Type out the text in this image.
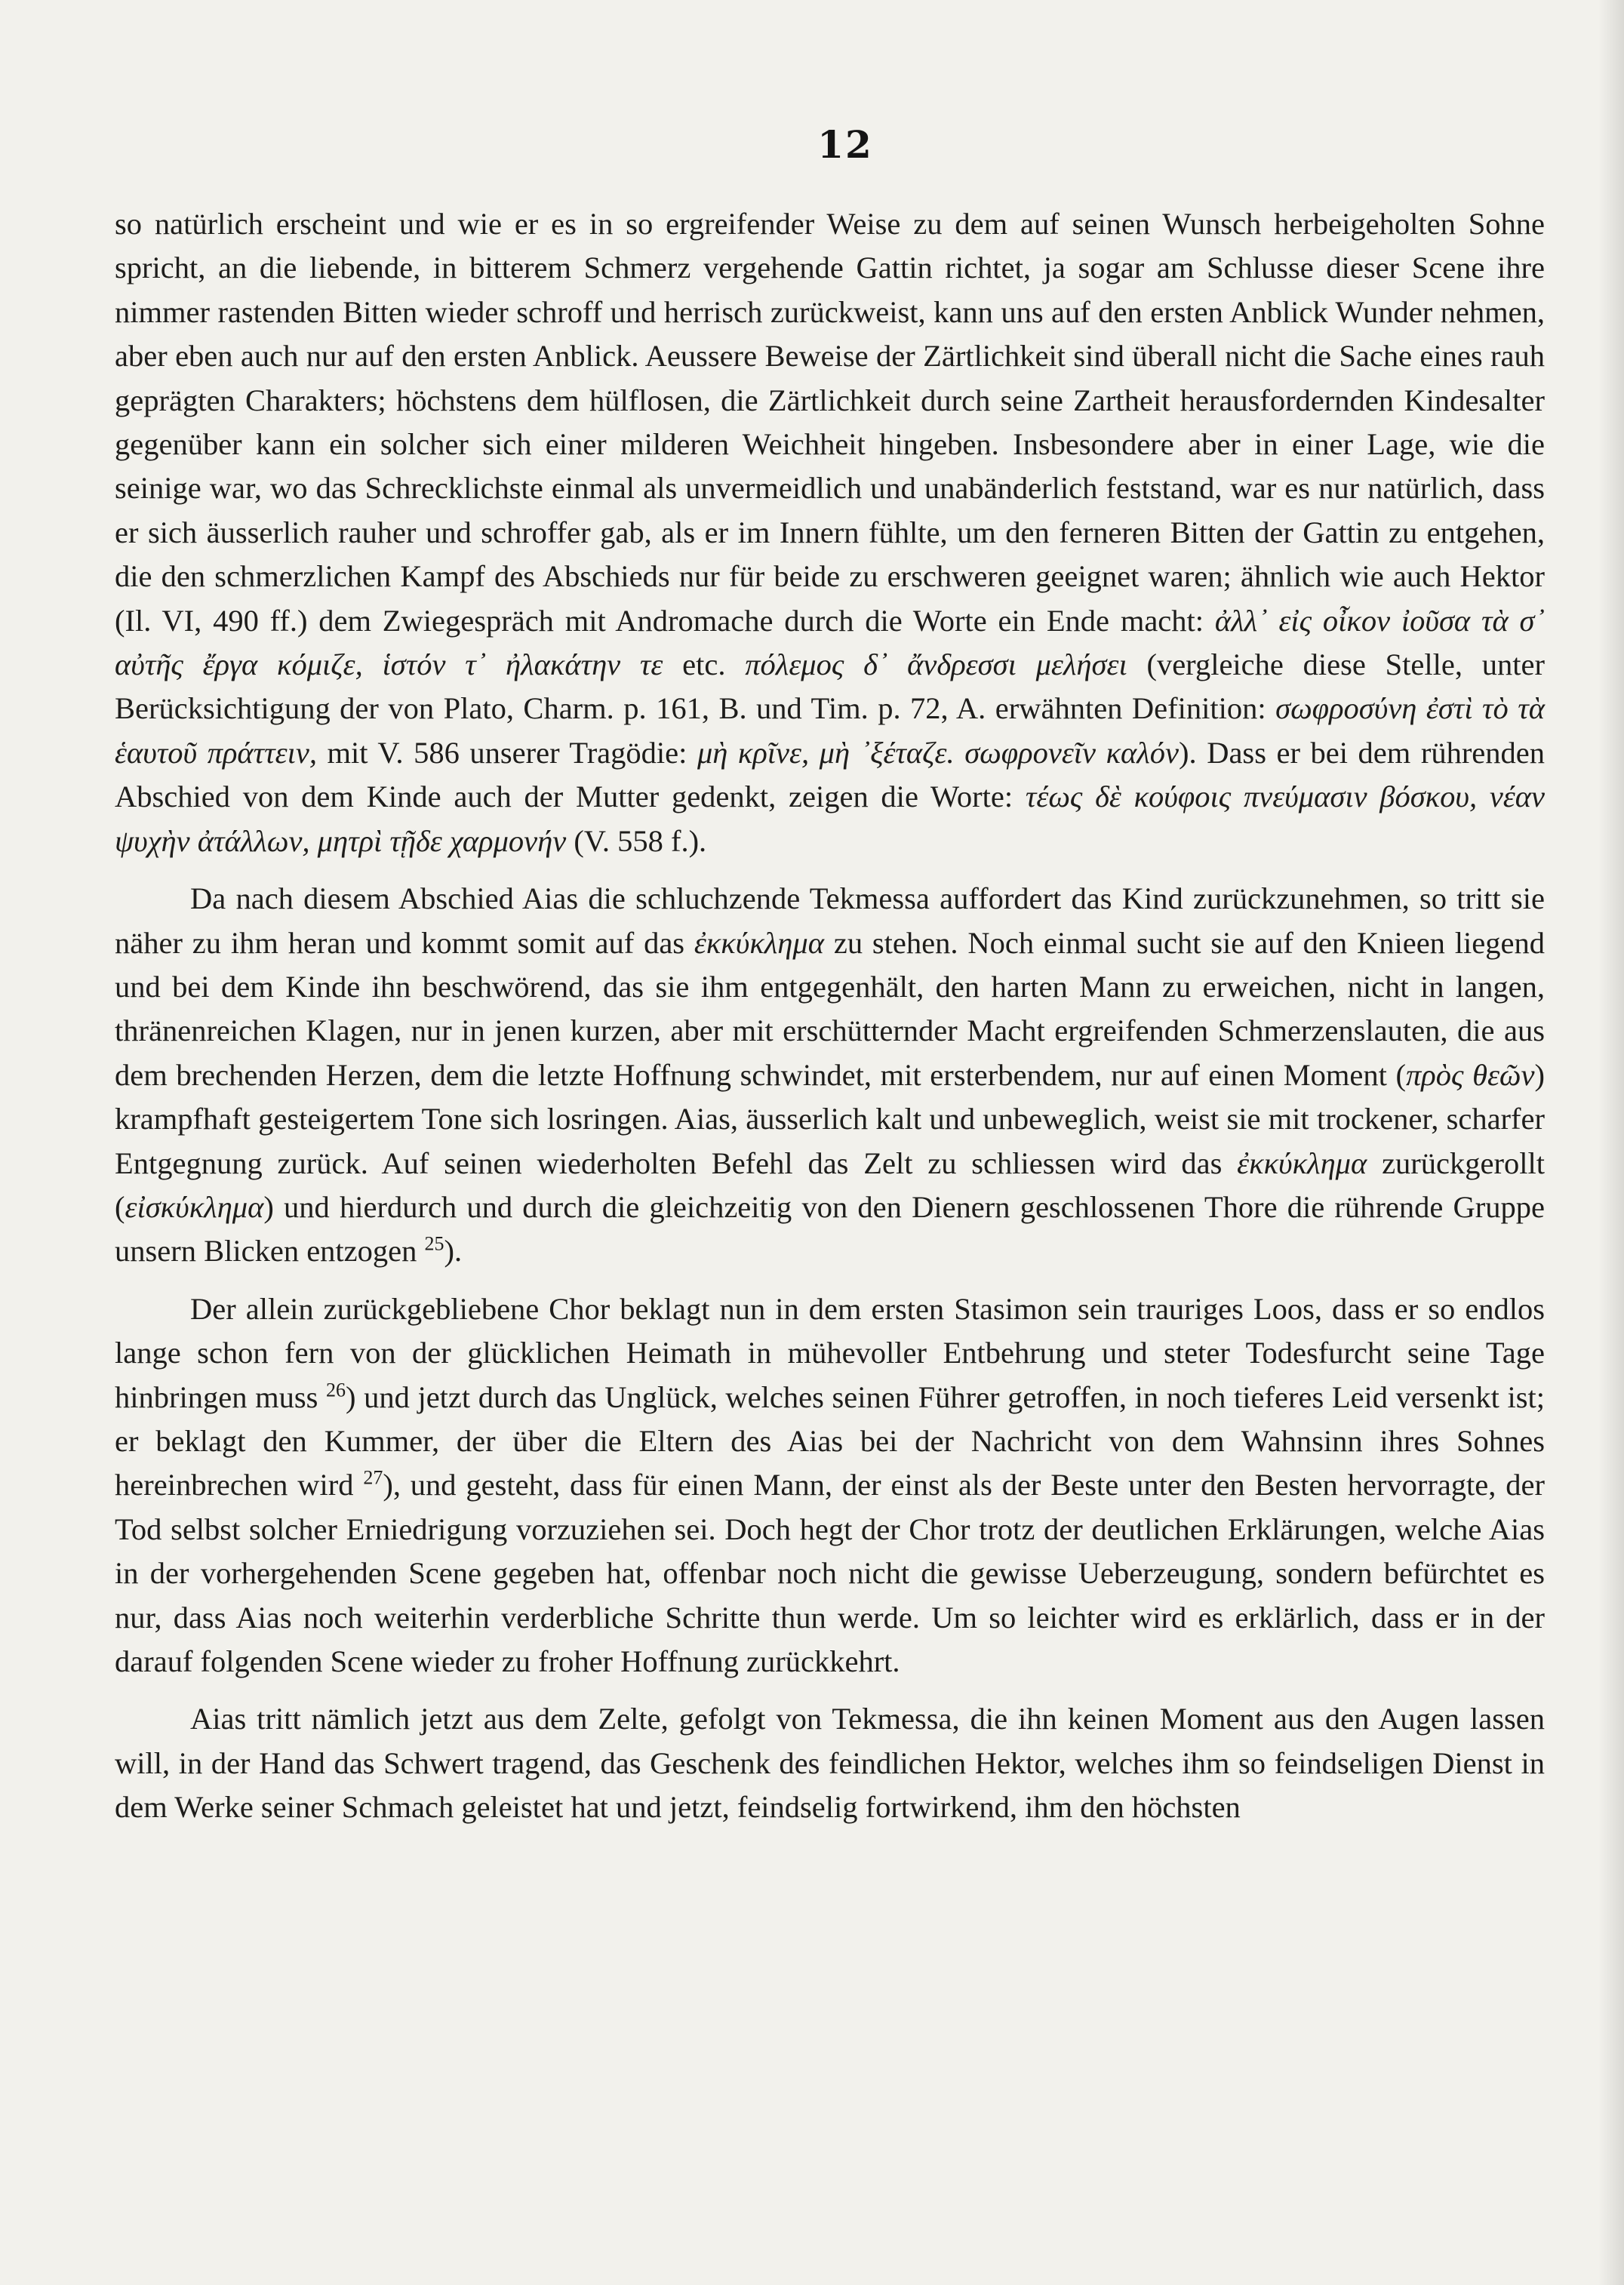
12

so natürlich erscheint und wie er es in so ergreifender Weise zu dem auf seinen Wunsch herbeigeholten Sohne spricht, an die liebende, in bitterem Schmerz vergehende Gattin richtet, ja sogar am Schlusse dieser Scene ihre nimmer rastenden Bitten wieder schroff und herrisch zurückweist, kann uns auf den ersten Anblick Wunder nehmen, aber eben auch nur auf den ersten Anblick. Aeussere Beweise der Zärtlichkeit sind überall nicht die Sache eines rauh geprägten Charakters; höchstens dem hülflosen, die Zärtlichkeit durch seine Zartheit herausfordernden Kindesalter gegenüber kann ein solcher sich einer milderen Weichheit hingeben. Insbesondere aber in einer Lage, wie die seinige war, wo das Schrecklichste einmal als unvermeidlich und unabänderlich feststand, war es nur natürlich, dass er sich äusserlich rauher und schroffer gab, als er im Innern fühlte, um den ferneren Bitten der Gattin zu entgehen, die den schmerzlichen Kampf des Abschieds nur für beide zu erschweren geeignet waren; ähnlich wie auch Hektor (Il. VI, 490 ff.) dem Zwiegespräch mit Andromache durch die Worte ein Ende macht: ἀλλ᾽ εἰς οἶκον ἰοῦσα τὰ σ᾽ αὐτῆς ἔργα κόμιζε, ἱστόν τ᾽ ἠλακάτην τε etc. πόλεμος δ᾽ ἄνδρεσσι μελήσει (vergleiche diese Stelle, unter Berücksichtigung der von Plato, Charm. p. 161, B. und Tim. p. 72, A. erwähnten Definition: σωφροσύνη ἐστὶ τὸ τὰ ἑαυτοῦ πράττειν, mit V. 586 unserer Tragödie: μὴ κρῖνε, μὴ ᾽ξέταζε. σωφρονεῖν καλόν). Dass er bei dem rührenden Abschied von dem Kinde auch der Mutter gedenkt, zeigen die Worte: τέως δὲ κούφοις πνεύμασιν βόσκου, νέαν ψυχὴν ἀτάλλων, μητρὶ τῇδε χαρμονήν (V. 558 f.).

Da nach diesem Abschied Aias die schluchzende Tekmessa auffordert das Kind zurückzunehmen, so tritt sie näher zu ihm heran und kommt somit auf das ἐκκύκλημα zu stehen. Noch einmal sucht sie auf den Knieen liegend und bei dem Kinde ihn beschwörend, das sie ihm entgegenhält, den harten Mann zu erweichen, nicht in langen, thränenreichen Klagen, nur in jenen kurzen, aber mit erschütternder Macht ergreifenden Schmerzenslauten, die aus dem brechenden Herzen, dem die letzte Hoffnung schwindet, mit ersterbendem, nur auf einen Moment (πρὸς θεῶν) krampfhaft gesteigertem Tone sich losringen. Aias, äusserlich kalt und unbeweglich, weist sie mit trockener, scharfer Entgegnung zurück. Auf seinen wiederholten Befehl das Zelt zu schliessen wird das ἐκκύκλημα zurückgerollt (εἰσκύκλημα) und hierdurch und durch die gleichzeitig von den Dienern geschlossenen Thore die rührende Gruppe unsern Blicken entzogen $^{25}$).

Der allein zurückgebliebene Chor beklagt nun in dem ersten Stasimon sein trauriges Loos, dass er so endlos lange schon fern von der glücklichen Heimath in mühevoller Entbehrung und steter Todesfurcht seine Tage hinbringen muss $^{26}$) und jetzt durch das Unglück, welches seinen Führer getroffen, in noch tieferes Leid versenkt ist; er beklagt den Kummer, der über die Eltern des Aias bei der Nachricht von dem Wahnsinn ihres Sohnes hereinbrechen wird $^{27}$), und gesteht, dass für einen Mann, der einst als der Beste unter den Besten hervorragte, der Tod selbst solcher Erniedrigung vorzuziehen sei. Doch hegt der Chor trotz der deutlichen Erklärungen, welche Aias in der vorhergehenden Scene gegeben hat, offenbar noch nicht die gewisse Ueberzeugung, sondern befürchtet es nur, dass Aias noch weiterhin verderbliche Schritte thun werde. Um so leichter wird es erklärlich, dass er in der darauf folgenden Scene wieder zu froher Hoffnung zurückkehrt.

Aias tritt nämlich jetzt aus dem Zelte, gefolgt von Tekmessa, die ihn keinen Moment aus den Augen lassen will, in der Hand das Schwert tragend, das Geschenk des feindlichen Hektor, welches ihm so feindseligen Dienst in dem Werke seiner Schmach geleistet hat und jetzt, feindselig fortwirkend, ihm den höchsten
